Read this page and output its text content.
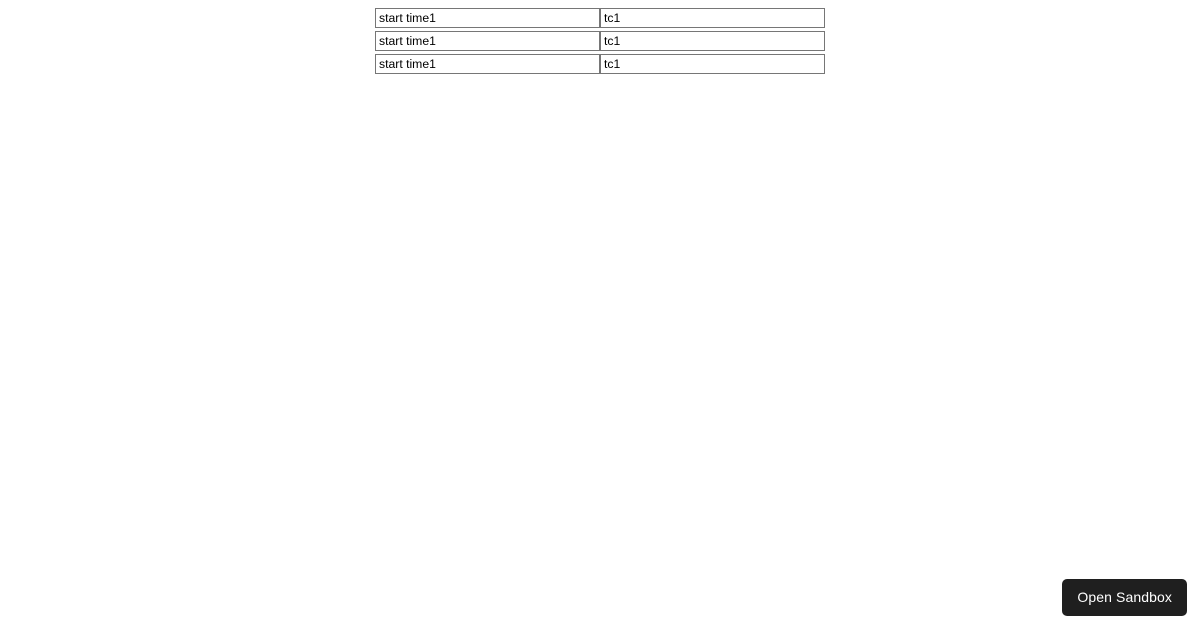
start time1
tc1
start time1
tc1
start time1
tc1
Open Sandbox
